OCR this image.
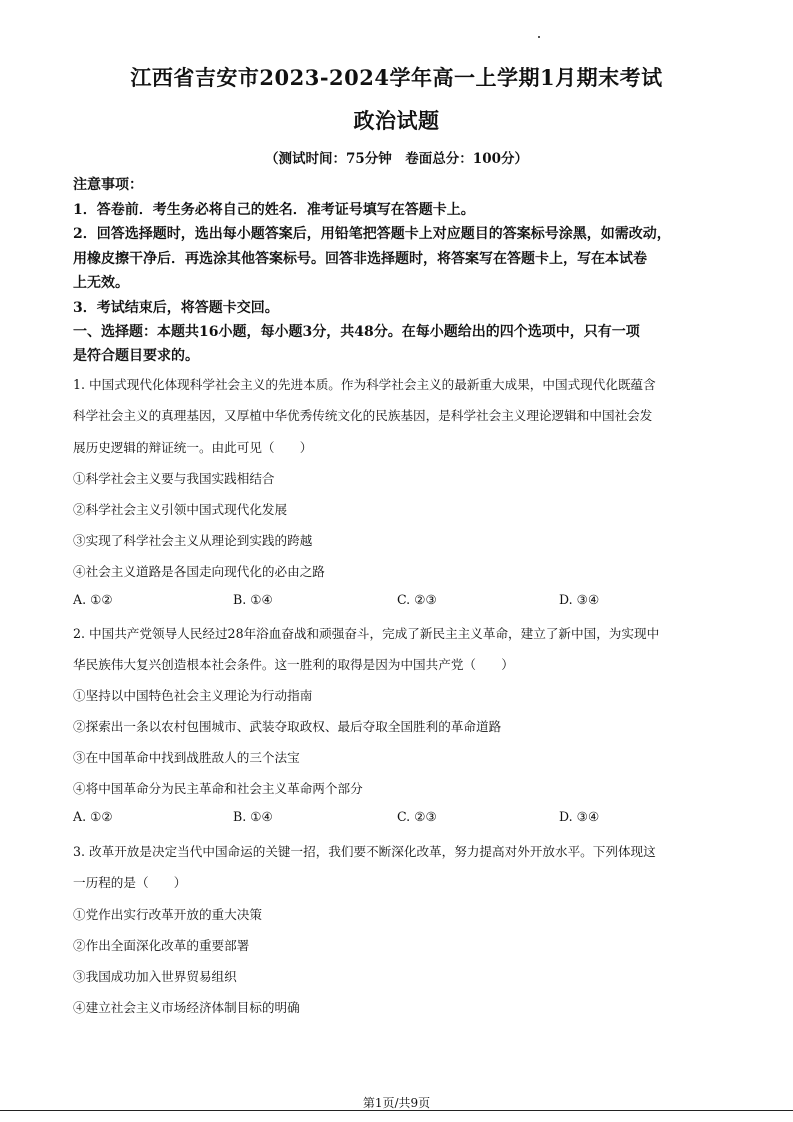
江西省吉安市2023-2024学年高一上学期1月期末考试
政治试题
（测试时间：75分钟　卷面总分：100分）
注意事项：
1．答卷前．考生务必将自己的姓名．准考证号填写在答题卡上。
2．回答选择题时，选出每小题答案后，用铅笔把答题卡上对应题目的答案标号涂黑，如需改动，
用橡皮擦干净后．再选涂其他答案标号。回答非选择题时，将答案写在答题卡上，写在本试卷
上无效。
3．考试结束后，将答题卡交回。
一、选择题：本题共16小题，每小题3分，共48分。在每小题给出的四个选项中，只有一项
是符合题目要求的。
1. 中国式现代化体现科学社会主义的先进本质。作为科学社会主义的最新重大成果，中国式现代化既蕴含
科学社会主义的真理基因，又厚植中华优秀传统文化的民族基因，是科学社会主义理论逻辑和中国社会发
展历史逻辑的辩证统一。由此可见（　　）
①科学社会主义要与我国实践相结合
②科学社会主义引领中国式现代化发展
③实现了科学社会主义从理论到实践的跨越
④社会主义道路是各国走向现代化的必由之路
A. ①②	B. ①④	C. ②③	D. ③④
2. 中国共产党领导人民经过28年浴血奋战和顽强奋斗，完成了新民主主义革命，建立了新中国，为实现中
华民族伟大复兴创造根本社会条件。这一胜利的取得是因为中国共产党（　　）
①坚持以中国特色社会主义理论为行动指南
②探索出一条以农村包围城市、武装夺取政权、最后夺取全国胜利的革命道路
③在中国革命中找到战胜敌人的三个法宝
④将中国革命分为民主革命和社会主义革命两个部分
A. ①②	B. ①④	C. ②③	D. ③④
3. 改革开放是决定当代中国命运的关键一招，我们要不断深化改革，努力提高对外开放水平。下列体现这
一历程的是（　　）
①党作出实行改革开放的重大决策
②作出全面深化改革的重要部署
③我国成功加入世界贸易组织
④建立社会主义市场经济体制目标的明确
第1页/共9页
